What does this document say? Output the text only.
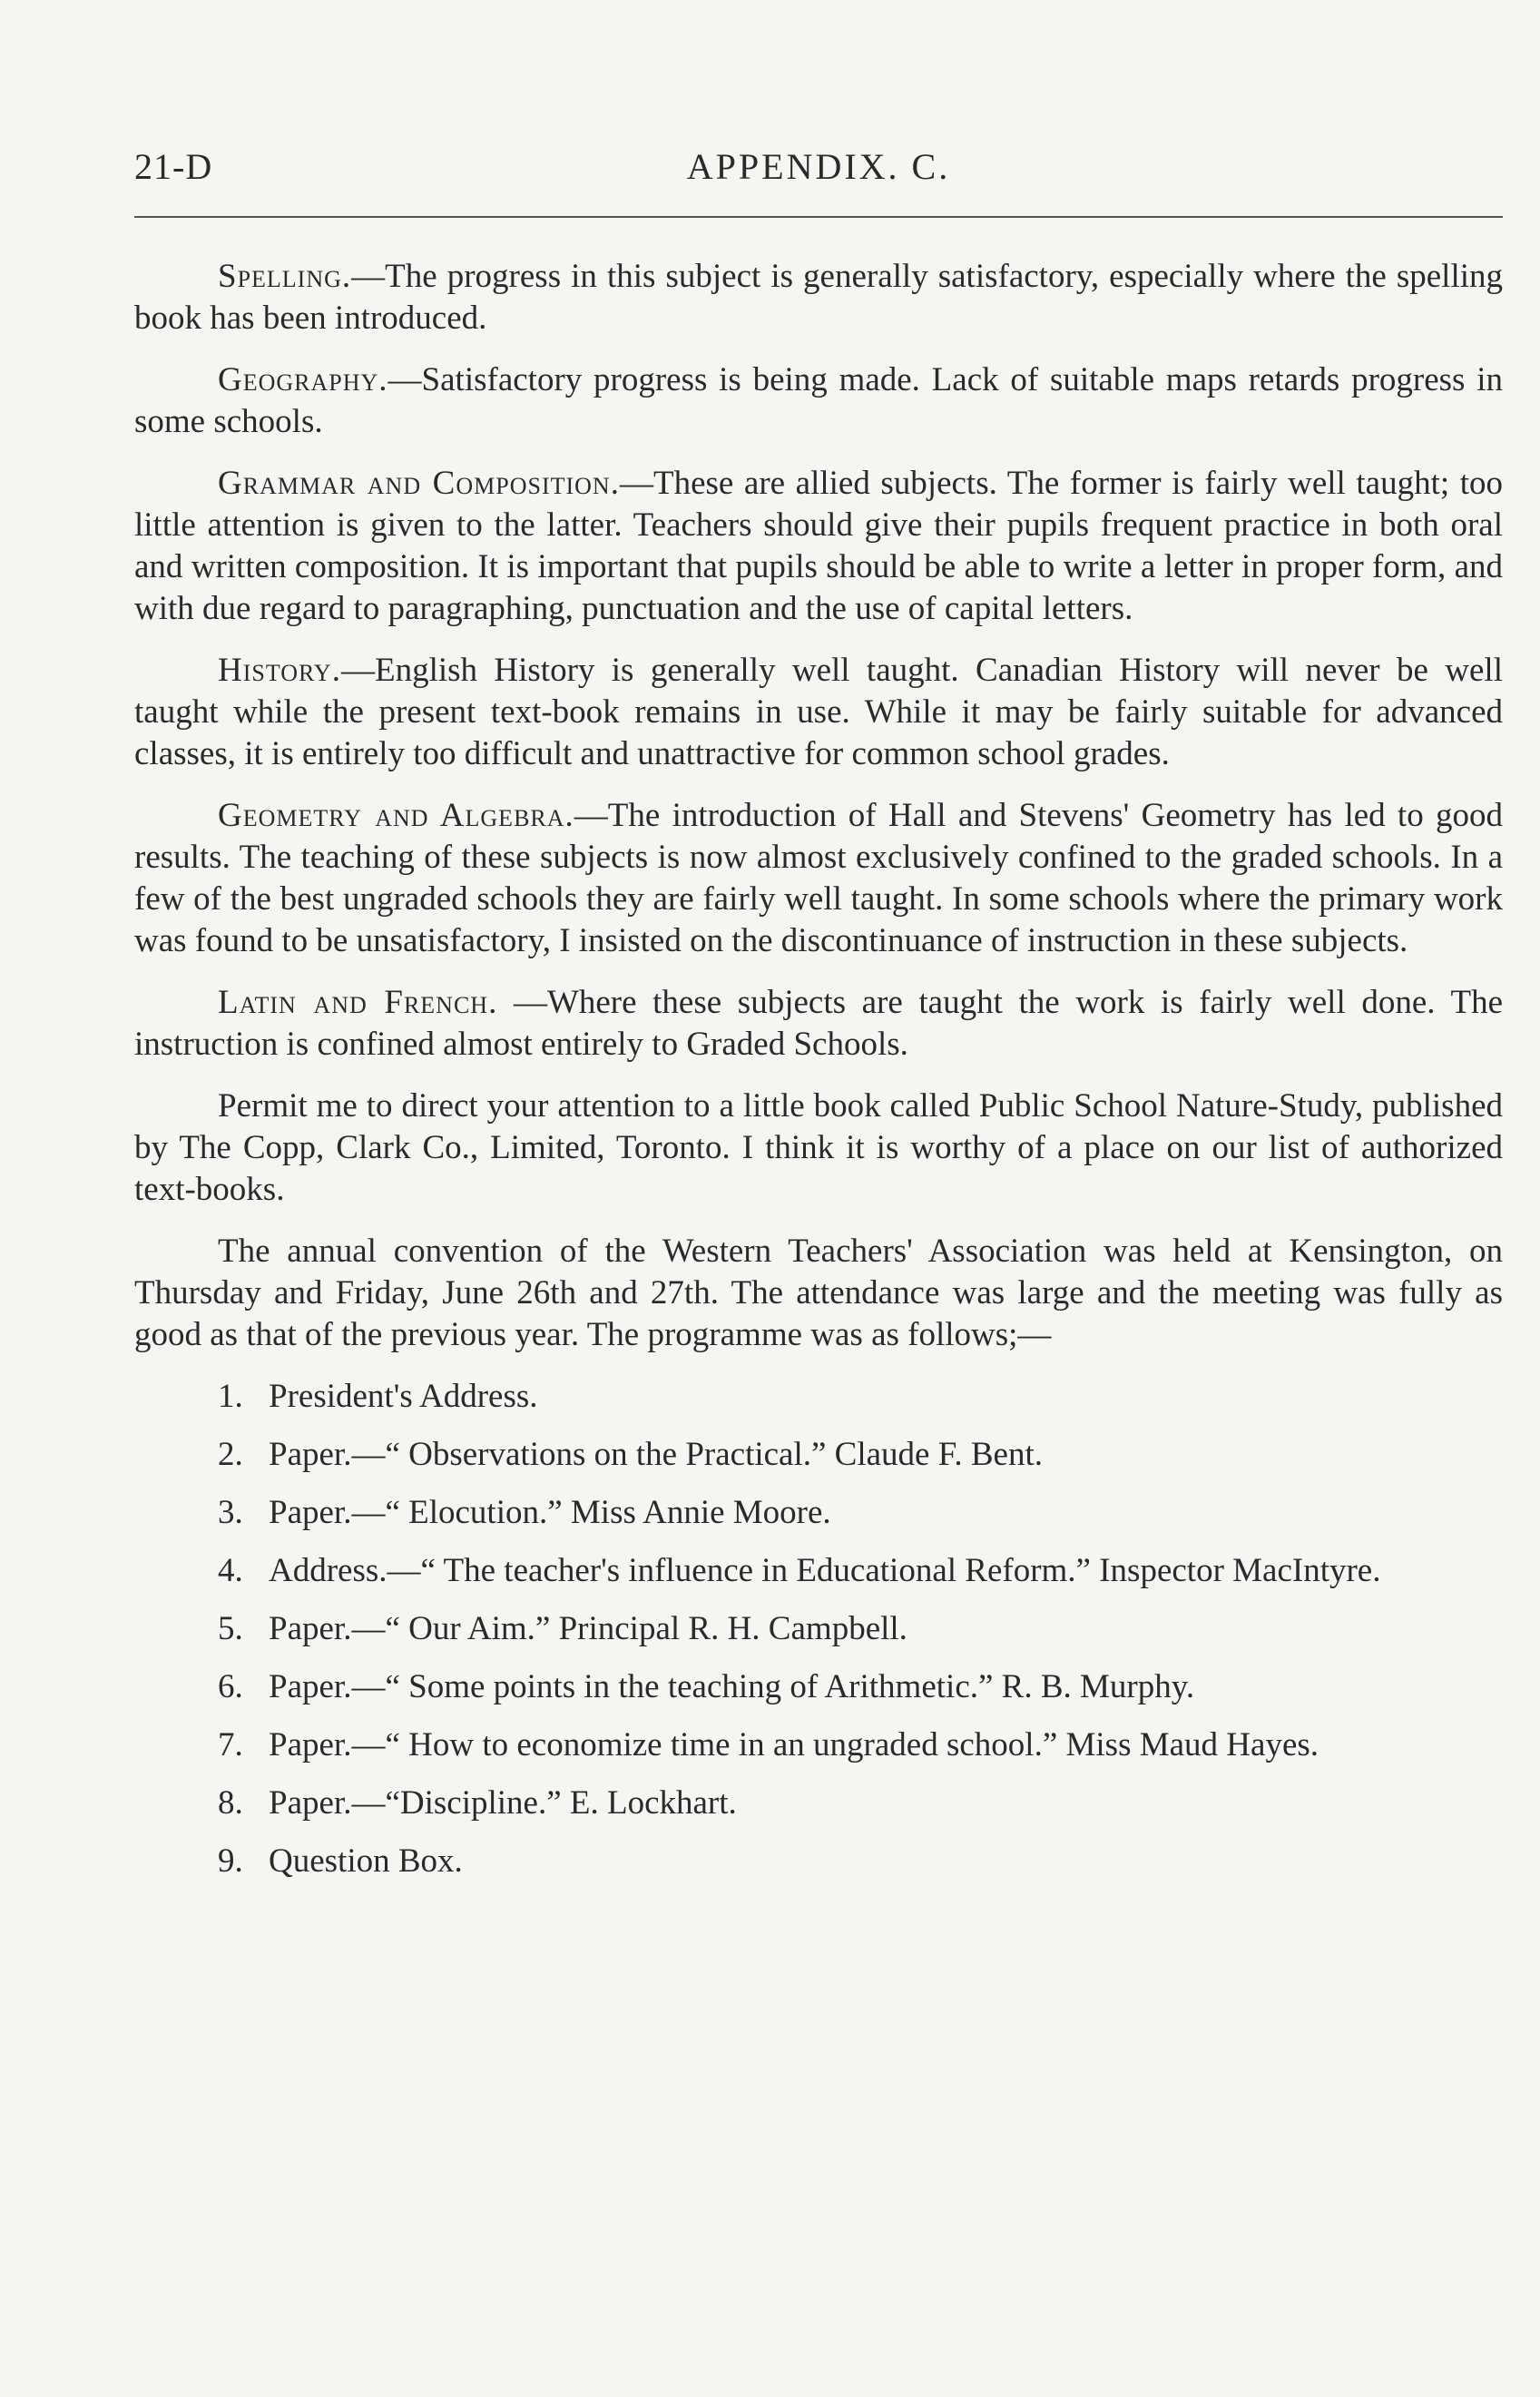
21-D	APPENDIX. C.

Spelling.—The progress in this subject is generally satisfactory, especially where the spelling book has been introduced.

Geography.—Satisfactory progress is being made. Lack of suitable maps retards progress in some schools.

Grammar and Composition.—These are allied subjects. The former is fairly well taught; too little attention is given to the latter. Teachers should give their pupils frequent practice in both oral and written composition. It is important that pupils should be able to write a letter in proper form, and with due regard to paragraphing, punctuation and the use of capital letters.

History.—English History is generally well taught. Canadian History will never be well taught while the present text-book remains in use. While it may be fairly suitable for advanced classes, it is entirely too difficult and unattractive for common school grades.

Geometry and Algebra.—The introduction of Hall and Stevens' Geometry has led to good results. The teaching of these subjects is now almost exclusively confined to the graded schools. In a few of the best ungraded schools they are fairly well taught. In some schools where the primary work was found to be unsatisfactory, I insisted on the discontinuance of instruction in these subjects.

Latin and French. —Where these subjects are taught the work is fairly well done. The instruction is confined almost entirely to Graded Schools.

Permit me to direct your attention to a little book called Public School Nature-Study, published by The Copp, Clark Co., Limited, Toronto. I think it is worthy of a place on our list of authorized text-books.

The annual convention of the Western Teachers' Association was held at Kensington, on Thursday and Friday, June 26th and 27th. The attendance was large and the meeting was fully as good as that of the previous year. The programme was as follows;—

1. President's Address.
2. Paper.—“ Observations on the Practical.” Claude F. Bent.
3. Paper.—“ Elocution.” Miss Annie Moore.
4. Address.—“ The teacher's influence in Educational Reform.” Inspector MacIntyre.
5. Paper.—“ Our Aim.” Principal R. H. Campbell.
6. Paper.—“ Some points in the teaching of Arithmetic.” R. B. Murphy.
7. Paper.—“ How to economize time in an ungraded school.” Miss Maud Hayes.
8. Paper.—“Discipline.” E. Lockhart.
9. Question Box.
